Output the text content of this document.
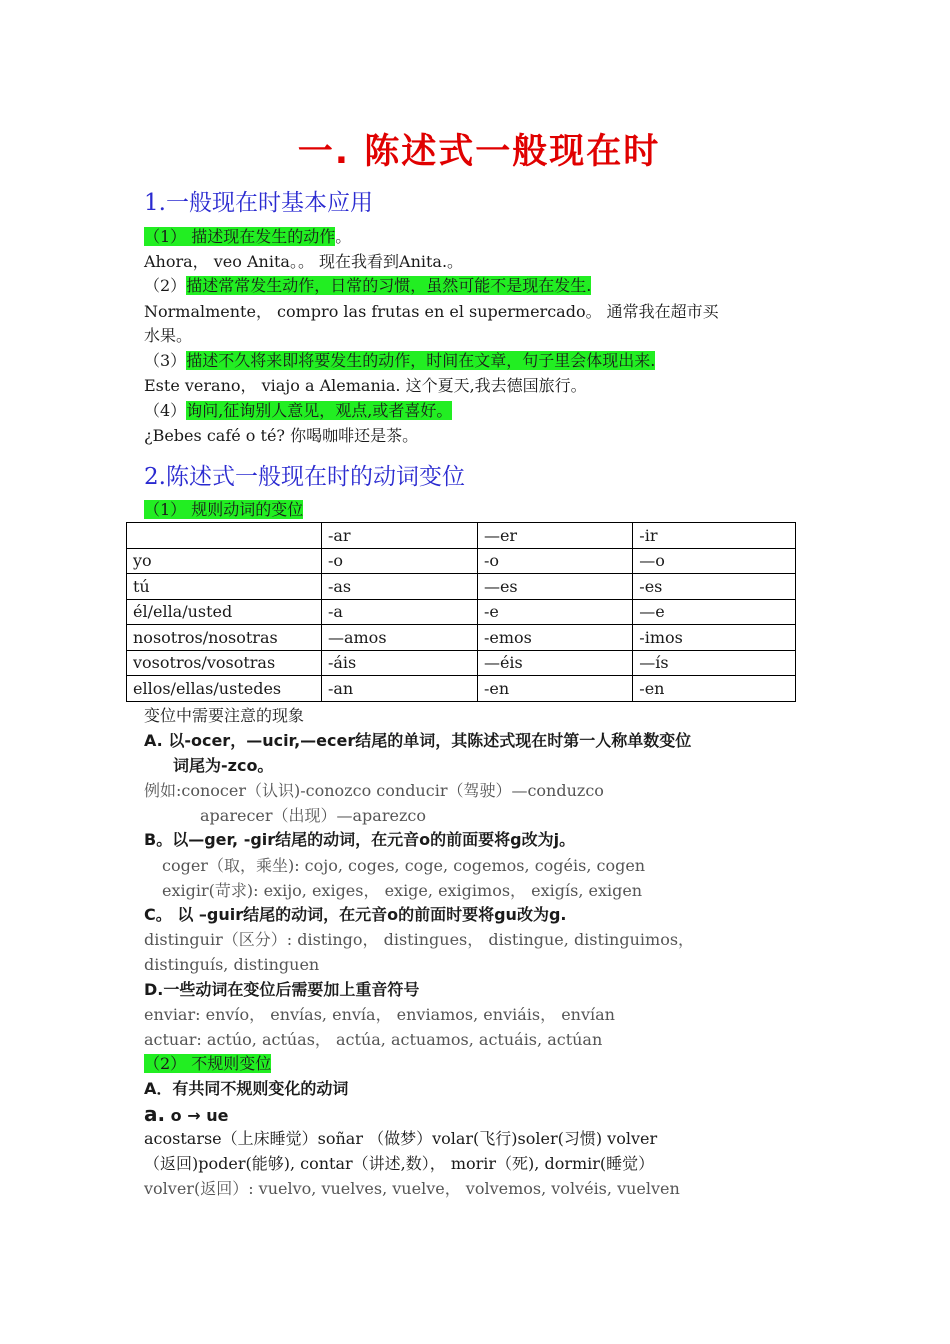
一. 陈述式一般现在时
1.一般现在时基本应用
（1） 描述现在发生的动作。
Ahora， veo Anita。。 现在我看到Anita.。
（2）描述常常发生动作，日常的习惯，虽然可能不是现在发生.
Normalmente， compro las frutas en el supermercado。 通常我在超市买
水果。
（3）描述不久将来即将要发生的动作，时间在文章，句子里会体现出来.
Este verano， viajo a Alemania. 这个夏天,我去德国旅行。
（4）询问,征询别人意见，观点,或者喜好。
¿Bebes café o té? 你喝咖啡还是茶。
2.陈述式一般现在时的动词变位
（1） 规则动词的变位
	-ar	—er	-ir
yo	-o	-o	—o
tú	-as	—es	-es
él/ella/usted	-a	-e	—e
nosotros/nosotras	—amos	-emos	-imos
vosotros/vosotras	-áis	—éis	—ís
ellos/ellas/ustedes	-an	-en	-en
变位中需要注意的现象
A. 以-ocer，—ucir,—ecer结尾的单词，其陈述式现在时第一人称单数变位
词尾为-zco。
例如:conocer（认识)-conozco conducir（驾驶）—conduzco
aparecer（出现）—aparezco
B。以—ger, -gir结尾的动词，在元音o的前面要将g改为j。
coger（取，乘坐): cojo, coges, coge, cogemos, cogéis, cogen
exigir(苛求): exijo, exiges， exige, exigimos， exigís, exigen
C。 以 –guir结尾的动词，在元音o的前面时要将gu改为g.
distinguir（区分）: distingo， distingues， distingue, distinguimos，
distinguís, distinguen
D.一些动词在变位后需要加上重音符号
enviar: envío， envías, envía， enviamos, enviáis， envían
actuar: actúo, actúas， actúa, actuamos, actuáis, actúan
（2） 不规则变位
A．有共同不规则变化的动词
a. o → ue
acostarse（上床睡觉）soñar （做梦）volar(飞行)soler(习惯) volver
（返回)poder(能够), contar（讲述,数）， morir（死), dormir(睡觉）
volver(返回）: vuelvo, vuelves, vuelve， volvemos, volvéis, vuelven
